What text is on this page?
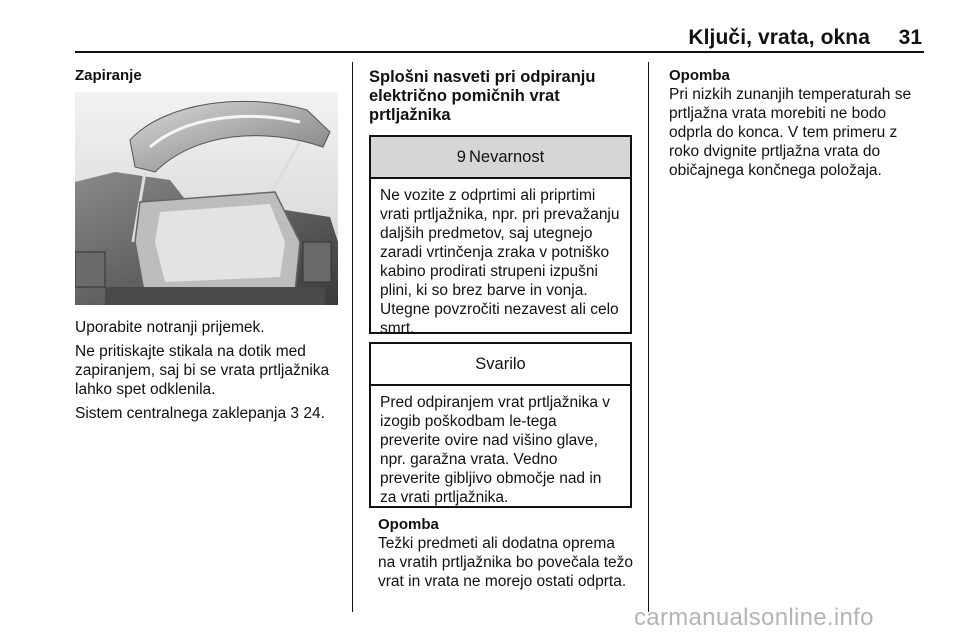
Ključi, vrata, okna	31
Zapiranje

Uporabite notranji prijemek.

Ne pritiskajte stikala na dotik med zapiranjem, saj bi se vrata prtljažnika lahko spet odklenila.

Sistem centralnega zaklepanja 3 24.

Splošni nasveti pri odpiranju električno pomičnih vrat prtljažnika
9 Nevarnost
Ne vozite z odprtimi ali priprtimi vrati prtljažnika, npr. pri prevažanju daljših predmetov, saj utegnejo zaradi vrtinčenja zraka v potniško kabino prodirati strupeni izpušni plini, ki so brez barve in vonja. Utegne povzročiti nezavest ali celo smrt.
Svarilo
Pred odpiranjem vrat prtljažnika v izogib poškodbam le-tega preverite ovire nad višino glave, npr. garažna vrata. Vedno preverite gibljivo območje nad in za vrati prtljažnika.
Opomba
Težki predmeti ali dodatna oprema na vratih prtljažnika bo povečala težo vrat in vrata ne morejo ostati odprta.
Opomba
Pri nizkih zunanjih temperaturah se prtljažna vrata morebiti ne bodo odprla do konca. V tem primeru z roko dvignite prtljažna vrata do običajnega končnega položaja.
carmanualsonline.info
